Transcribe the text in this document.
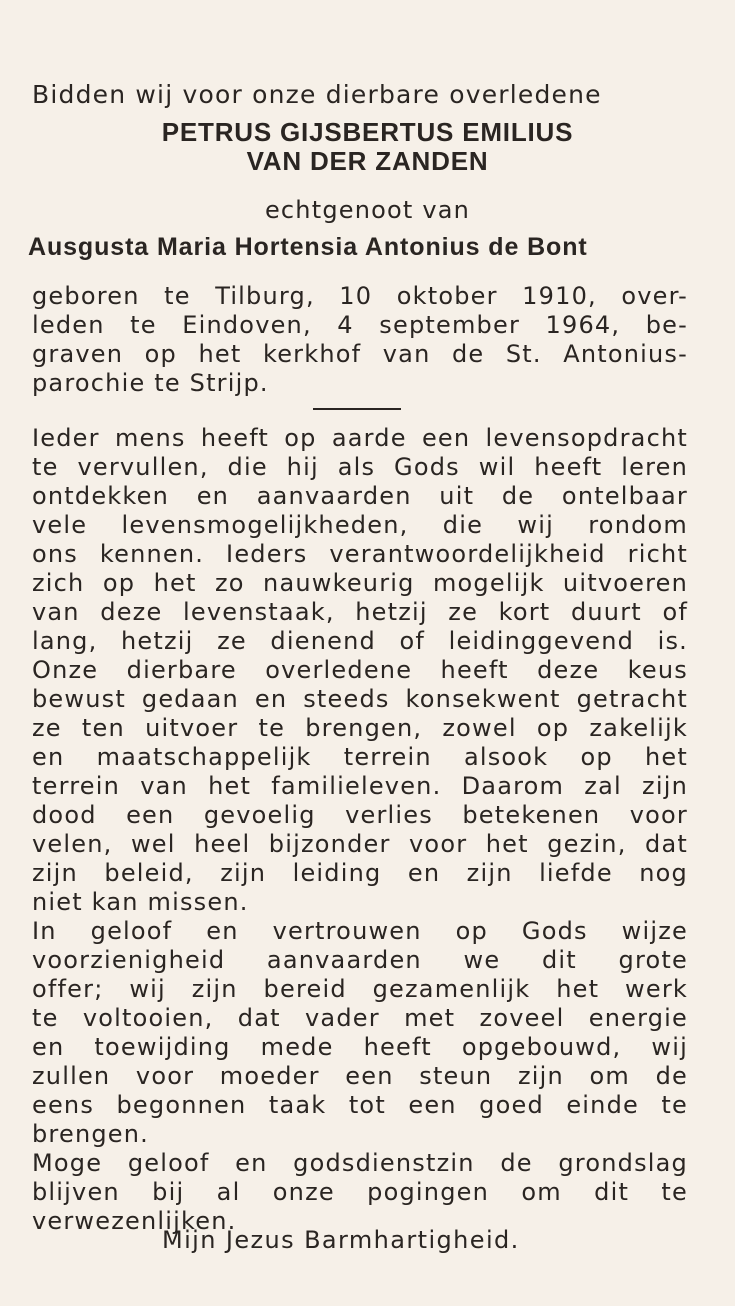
Bidden wij voor onze dierbare overledene
PETRUS GIJSBERTUS EMILIUS
VAN DER ZANDEN
echtgenoot van
Ausgusta Maria Hortensia Antonius de Bont
geboren te Tilburg, 10 oktober 1910, over-
leden te Eindoven, 4 september 1964, be-
graven op het kerkhof van de St. Antonius-
parochie te Strijp.
Ieder mens heeft op aarde een levensopdracht
te vervullen, die hij als Gods wil heeft leren
ontdekken en aanvaarden uit de ontelbaar
vele levensmogelijkheden, die wij rondom
ons kennen. Ieders verantwoordelijkheid richt
zich op het zo nauwkeurig mogelijk uitvoeren
van deze levenstaak, hetzij ze kort duurt of
lang, hetzij ze dienend of leidinggevend is.
Onze dierbare overledene heeft deze keus
bewust gedaan en steeds konsekwent getracht
ze ten uitvoer te brengen, zowel op zakelijk
en maatschappelijk terrein alsook op het
terrein van het familieleven. Daarom zal zijn
dood een gevoelig verlies betekenen voor
velen, wel heel bijzonder voor het gezin, dat
zijn beleid, zijn leiding en zijn liefde nog
niet kan missen.
In geloof en vertrouwen op Gods wijze
voorzienigheid aanvaarden we dit grote
offer; wij zijn bereid gezamenlijk het werk
te voltooien, dat vader met zoveel energie
en toewijding mede heeft opgebouwd, wij
zullen voor moeder een steun zijn om de
eens begonnen taak tot een goed einde te
brengen.
Moge geloof en godsdienstzin de grondslag
blijven bij al onze pogingen om dit te
verwezenlijken.
Mijn Jezus Barmhartigheid.
